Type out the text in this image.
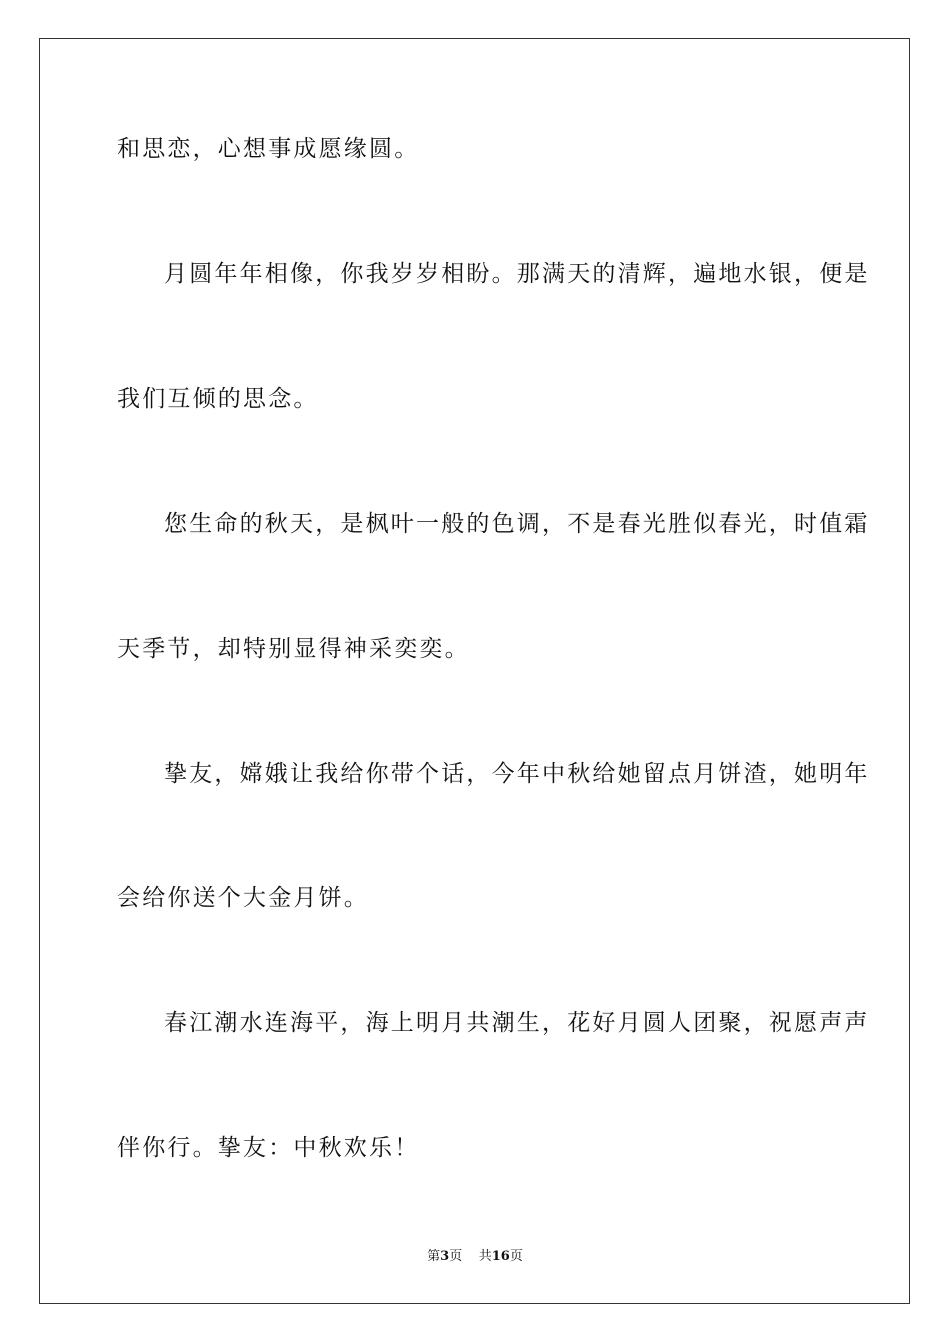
和思恋，心想事成愿缘圆。
月圆年年相像，你我岁岁相盼。那满天的清辉，遍地水银，便是
我们互倾的思念。
您生命的秋天，是枫叶一般的色调，不是春光胜似春光，时值霜
天季节，却特别显得神采奕奕。
挚友，嫦娥让我给你带个话，今年中秋给她留点月饼渣，她明年
会给你送个大金月饼。
春江潮水连海平，海上明月共潮生，花好月圆人团聚，祝愿声声
伴你行。挚友：中秋欢乐！
第3页 共16页
